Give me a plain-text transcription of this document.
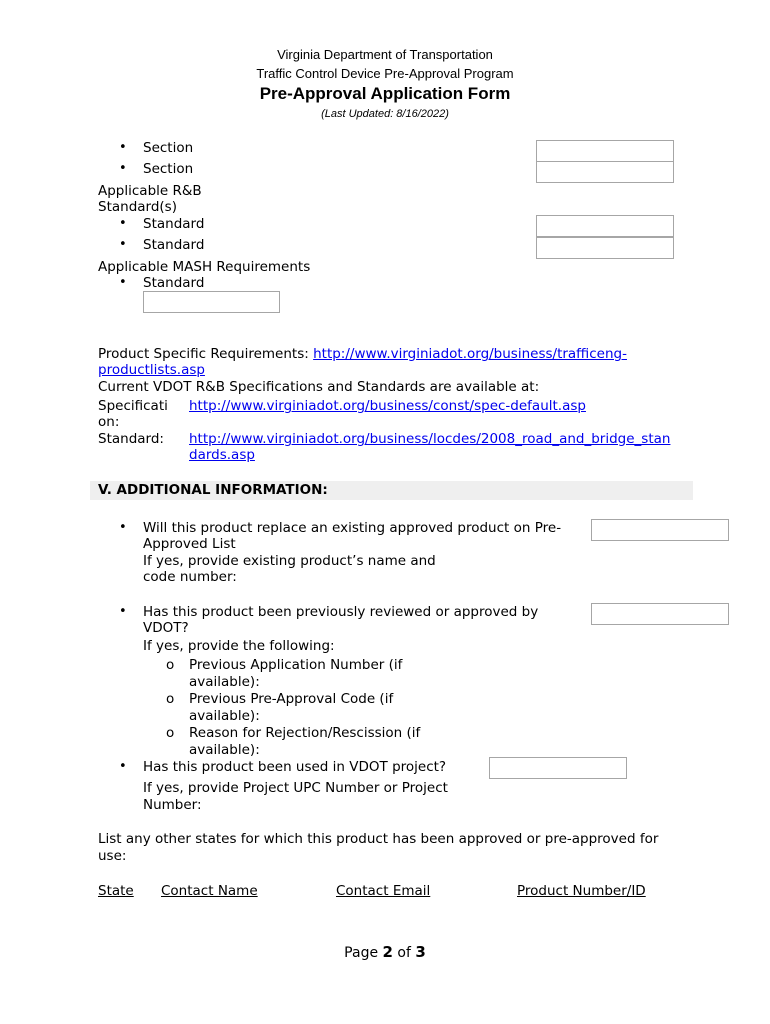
Virginia Department of Transportation
Traffic Control Device Pre-Approval Program
Pre-Approval Application Form
(Last Updated: 8/16/2022)
• Section
• Section
Applicable R&B
Standard(s)
• Standard
• Standard
Applicable MASH Requirements
• Standard
Product Specific Requirements: http://www.virginiadot.org/business/trafficeng-
productlists.asp
Current VDOT R&B Specifications and Standards are available at:
Specificati
on:
http://www.virginiadot.org/business/const/spec-default.asp
Standard: http://www.virginiadot.org/business/locdes/2008_road_and_bridge_stan
dards.asp
V. ADDITIONAL INFORMATION:
• Will this product replace an existing approved product on Pre-
Approved List
If yes, provide existing product’s name and
code number:
• Has this product been previously reviewed or approved by
VDOT?
If yes, provide the following:
o Previous Application Number (if
available):
o Previous Pre-Approval Code (if
available):
o Reason for Rejection/Rescission (if
available):
• Has this product been used in VDOT project?
If yes, provide Project UPC Number or Project
Number:
List any other states for which this product has been approved or pre-approved for
use:
State Contact Name	Contact Email	Product Number/ID
Page 2 of 3
